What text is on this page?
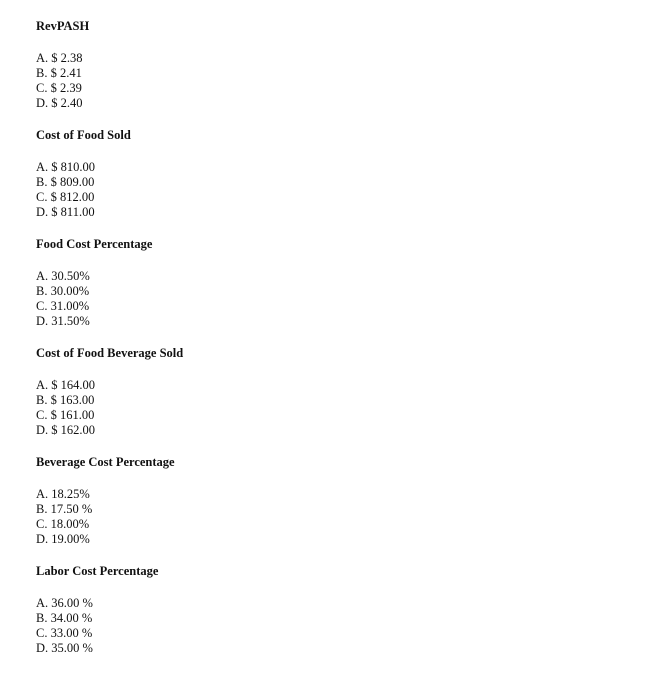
RevPASH
A. $ 2.38
B. $ 2.41
C. $ 2.39
D. $ 2.40
Cost of Food Sold
A. $ 810.00
B. $ 809.00
C. $ 812.00
D. $ 811.00
Food Cost Percentage
A. 30.50%
B. 30.00%
C. 31.00%
D. 31.50%
Cost of Food Beverage Sold
A. $ 164.00
B. $ 163.00
C. $ 161.00
D. $ 162.00
Beverage Cost Percentage
A. 18.25%
B. 17.50 %
C. 18.00%
D. 19.00%
Labor Cost Percentage
A. 36.00 %
B. 34.00 %
C. 33.00 %
D. 35.00 %
